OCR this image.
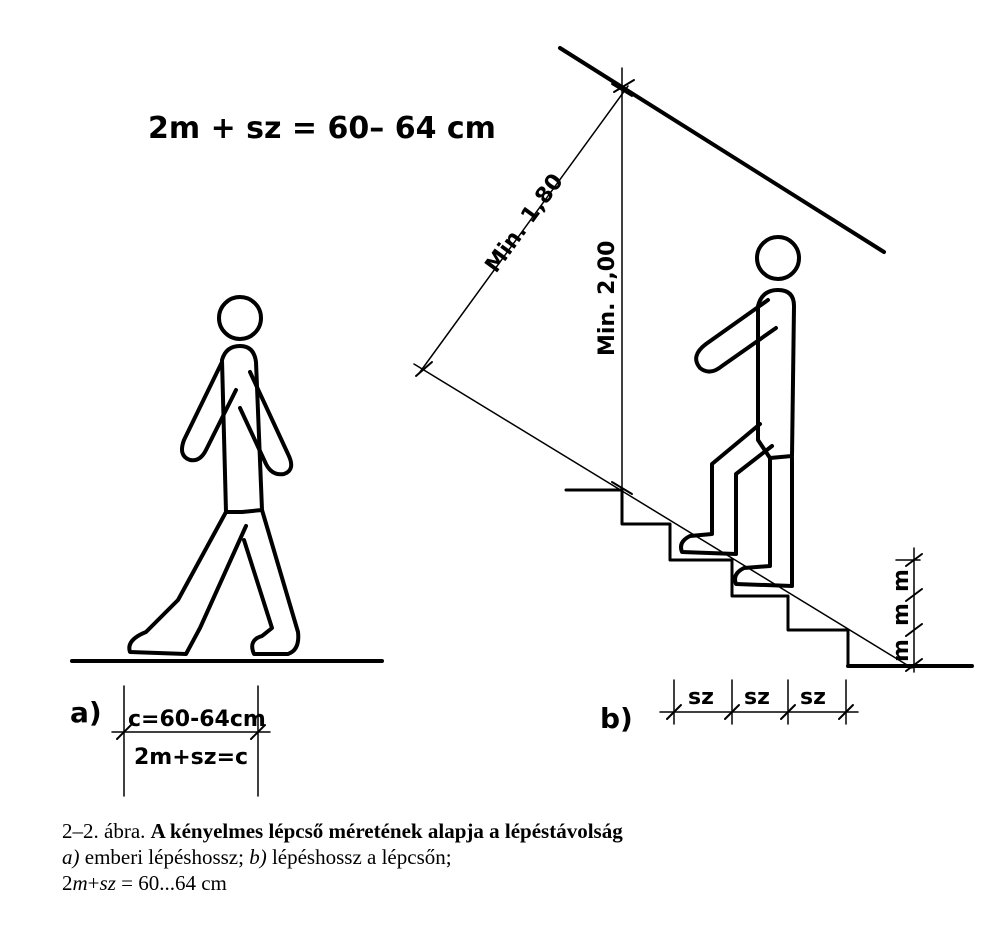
2m + sz = 60– 64 cm
a) c=60-64cm
2m+sz=c
Min. 1,80
Min. 2,00
m
m
m
sz sz sz
b)
2–2. ábra. A kényelmes lépcső méretének alapja a lépéstávolság
a) emberi lépéshossz; b) lépéshossz a lépcsőn;
2m+sz = 60...64 cm
